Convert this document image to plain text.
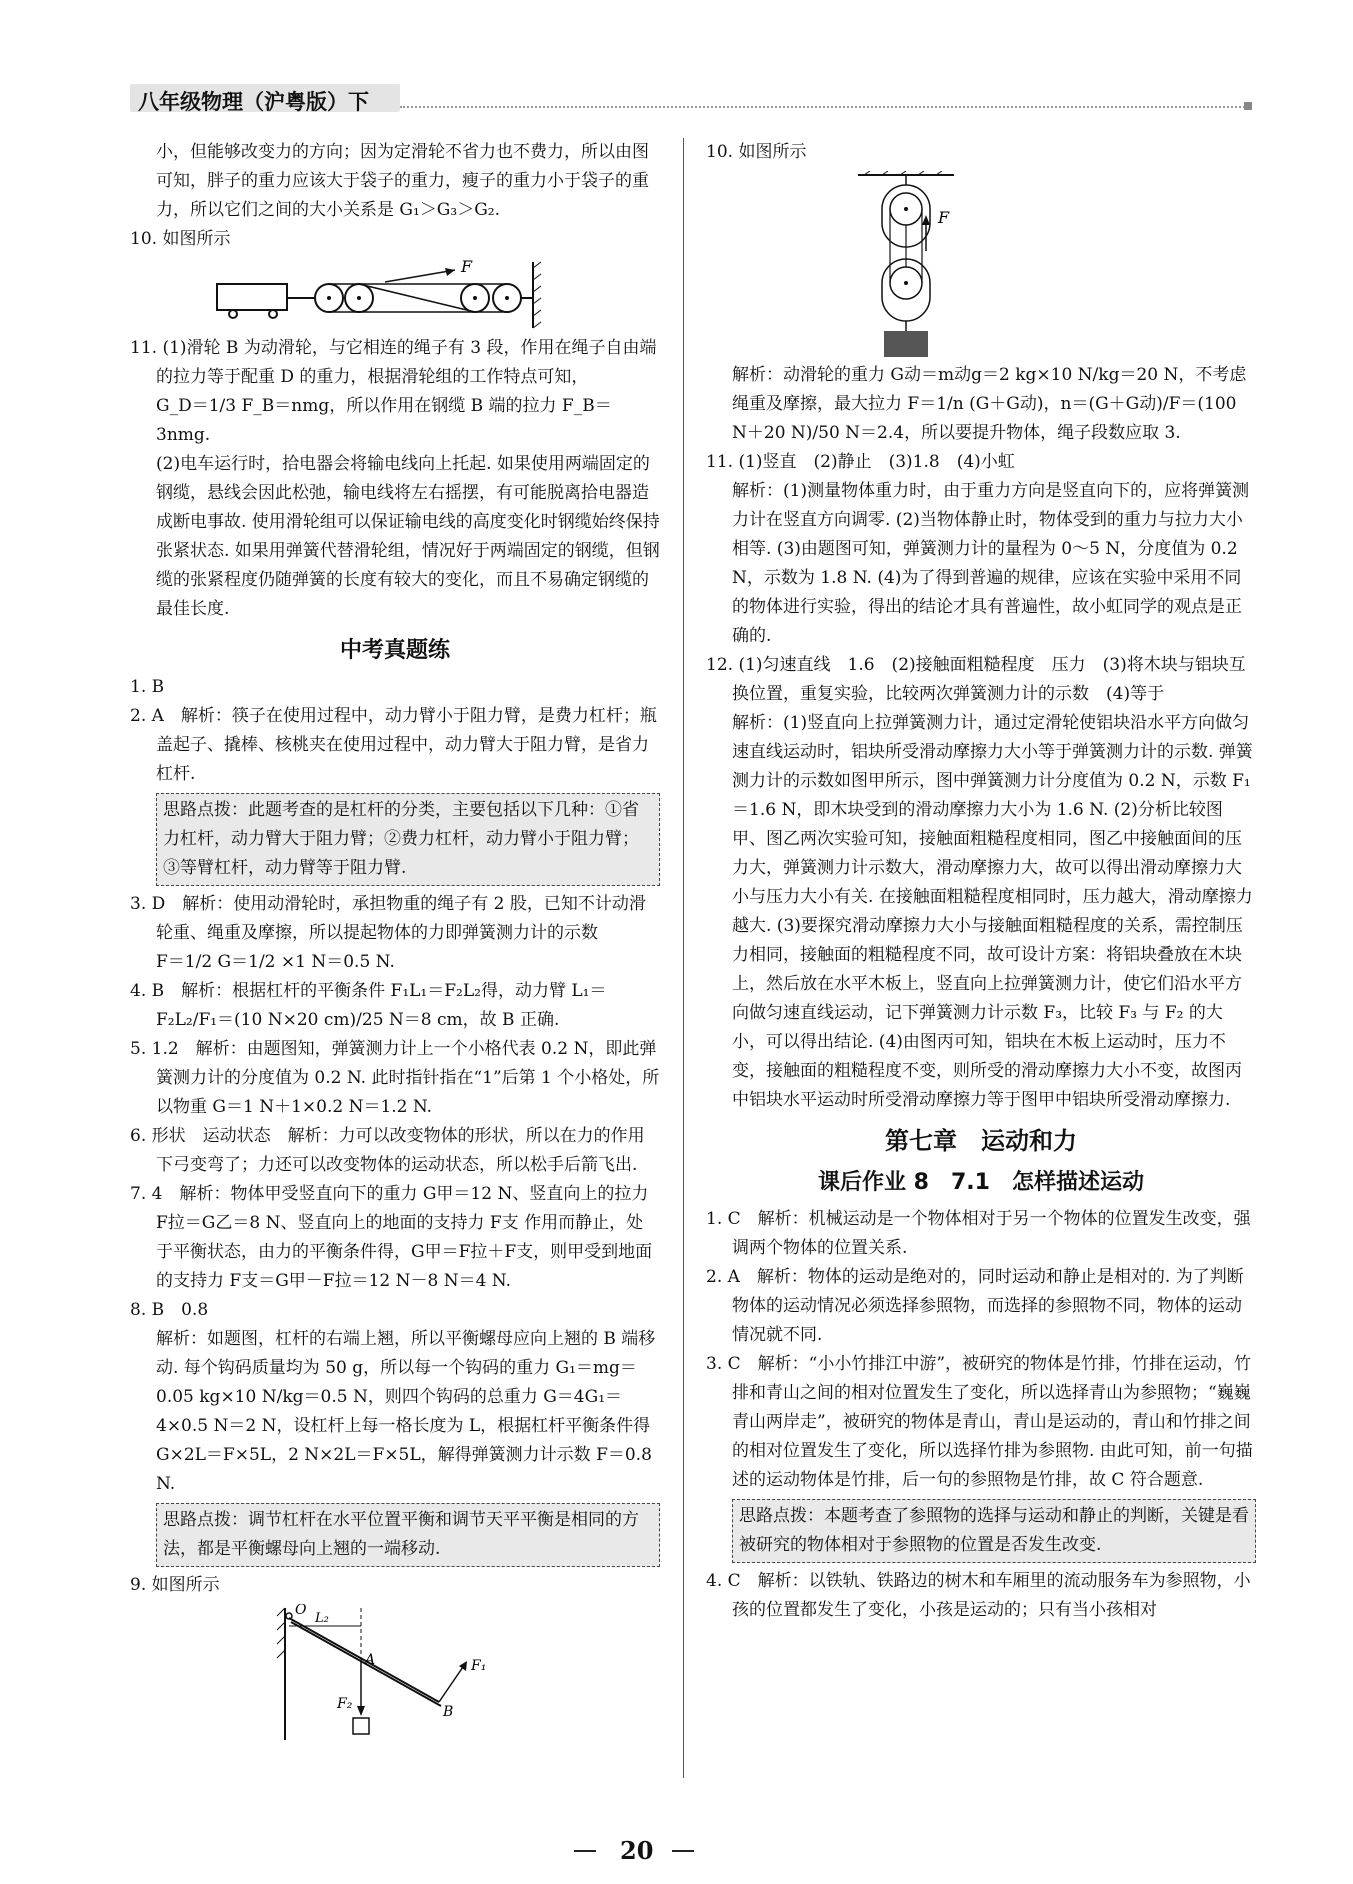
八年级物理（沪粤版）下

小，但能够改变力的方向；因为定滑轮不省力也不费力，所以由图可知，胖子的重力应该大于袋子的重力，瘦子的重力小于袋子的重力，所以它们之间的大小关系是 G₁＞G₃＞G₂.

10. 如图所示

F

11. (1)滑轮 B 为动滑轮，与它相连的绳子有 3 段，作用在绳子自由端的拉力等于配重 D 的重力，根据滑轮组的工作特点可知，

G_D＝1/3 F_B＝nmg，所以作用在钢缆 B 端的拉力 F_B＝3nmg.

(2)电车运行时，拾电器会将输电线向上托起. 如果使用两端固定的钢缆，悬线会因此松弛，输电线将左右摇摆，有可能脱离拾电器造成断电事故. 使用滑轮组可以保证输电线的高度变化时钢缆始终保持张紧状态. 如果用弹簧代替滑轮组，情况好于两端固定的钢缆，但钢缆的张紧程度仍随弹簧的长度有较大的变化，而且不易确定钢缆的最佳长度.

中考真题练

1. B

2. A　解析：筷子在使用过程中，动力臂小于阻力臂，是费力杠杆；瓶盖起子、撬棒、核桃夹在使用过程中，动力臂大于阻力臂，是省力杠杆.

思路点拨：此题考查的是杠杆的分类，主要包括以下几种：①省力杠杆，动力臂大于阻力臂；②费力杠杆，动力臂小于阻力臂；③等臂杠杆，动力臂等于阻力臂.

3. D　解析：使用动滑轮时，承担物重的绳子有 2 股，已知不计动滑轮重、绳重及摩擦，所以提起物体的力即弹簧测力计的示数

F＝1/2 G＝1/2 ×1 N＝0.5 N.

4. B　解析：根据杠杆的平衡条件 F₁L₁＝F₂L₂得，动力臂 L₁＝F₂L₂/F₁＝(10 N×20 cm)/25 N＝8 cm，故 B 正确.

5. 1.2　解析：由题图知，弹簧测力计上一个小格代表 0.2 N，即此弹簧测力计的分度值为 0.2 N. 此时指针指在“1”后第 1 个小格处，所以物重 G＝1 N＋1×0.2 N＝1.2 N.

6. 形状　运动状态　解析：力可以改变物体的形状，所以在力的作用下弓变弯了；力还可以改变物体的运动状态，所以松手后箭飞出.

7. 4　解析：物体甲受竖直向下的重力 G甲＝12 N、竖直向上的拉力 F拉＝G乙＝8 N、竖直向上的地面的支持力 F支 作用而静止，处于平衡状态，由力的平衡条件得，G甲＝F拉＋F支，则甲受到地面的支持力 F支＝G甲－F拉＝12 N－8 N＝4 N.

8. B　0.8

解析：如题图，杠杆的右端上翘，所以平衡螺母应向上翘的 B 端移动. 每个钩码质量均为 50 g，所以每一个钩码的重力 G₁＝mg＝0.05 kg×10 N/kg＝0.5 N，则四个钩码的总重力 G＝4G₁＝4×0.5 N＝2 N，设杠杆上每一格长度为 L，根据杠杆平衡条件得 G×2L＝F×5L，2 N×2L＝F×5L，解得弹簧测力计示数 F＝0.8 N.

思路点拨：调节杠杆在水平位置平衡和调节天平平衡是相同的方法，都是平衡螺母向上翘的一端移动.

9. 如图所示

O
L₂
A	F₁
F₂	B

10. 如图所示

F

解析：动滑轮的重力 G动＝m动g＝2 kg×10 N/kg＝20 N，不考虑绳重及摩擦，最大拉力 F＝1/n (G＋G动)，n＝(G＋G动)/F＝(100 N＋20 N)/50 N＝2.4，所以要提升物体，绳子段数应取 3.

11. (1)竖直　(2)静止　(3)1.8　(4)小虹

解析：(1)测量物体重力时，由于重力方向是竖直向下的，应将弹簧测力计在竖直方向调零. (2)当物体静止时，物体受到的重力与拉力大小相等. (3)由题图可知，弹簧测力计的量程为 0～5 N，分度值为 0.2 N，示数为 1.8 N. (4)为了得到普遍的规律，应该在实验中采用不同的物体进行实验，得出的结论才具有普遍性，故小虹同学的观点是正确的.

12. (1)匀速直线　1.6　(2)接触面粗糙程度　压力　(3)将木块与铝块互换位置，重复实验，比较两次弹簧测力计的示数　(4)等于

解析：(1)竖直向上拉弹簧测力计，通过定滑轮使铝块沿水平方向做匀速直线运动时，铝块所受滑动摩擦力大小等于弹簧测力计的示数. 弹簧测力计的示数如图甲所示，图中弹簧测力计分度值为 0.2 N，示数 F₁＝1.6 N，即木块受到的滑动摩擦力大小为 1.6 N. (2)分析比较图甲、图乙两次实验可知，接触面粗糙程度相同，图乙中接触面间的压力大，弹簧测力计示数大，滑动摩擦力大，故可以得出滑动摩擦力大小与压力大小有关. 在接触面粗糙程度相同时，压力越大，滑动摩擦力越大. (3)要探究滑动摩擦力大小与接触面粗糙程度的关系，需控制压力相同，接触面的粗糙程度不同，故可设计方案：将铝块叠放在木块上，然后放在水平木板上，竖直向上拉弹簧测力计，使它们沿水平方向做匀速直线运动，记下弹簧测力计示数 F₃，比较 F₃ 与 F₂ 的大小，可以得出结论. (4)由图丙可知，铝块在木板上运动时，压力不变，接触面的粗糙程度不变，则所受的滑动摩擦力大小不变，故图丙中铝块水平运动时所受滑动摩擦力等于图甲中铝块所受滑动摩擦力.

第七章　运动和力
课后作业 8　7.1　怎样描述运动

1. C　解析：机械运动是一个物体相对于另一个物体的位置发生改变，强调两个物体的位置关系.

2. A　解析：物体的运动是绝对的，同时运动和静止是相对的. 为了判断物体的运动情况必须选择参照物，而选择的参照物不同，物体的运动情况就不同.

3. C　解析：“小小竹排江中游”，被研究的物体是竹排，竹排在运动，竹排和青山之间的相对位置发生了变化，所以选择青山为参照物；“巍巍青山两岸走”，被研究的物体是青山，青山是运动的，青山和竹排之间的相对位置发生了变化，所以选择竹排为参照物. 由此可知，前一句描述的运动物体是竹排，后一句的参照物是竹排，故 C 符合题意.

思路点拨：本题考查了参照物的选择与运动和静止的判断，关键是看被研究的物体相对于参照物的位置是否发生改变.

4. C　解析：以铁轨、铁路边的树木和车厢里的流动服务车为参照物，小孩的位置都发生了变化，小孩是运动的；只有当小孩相对

20
